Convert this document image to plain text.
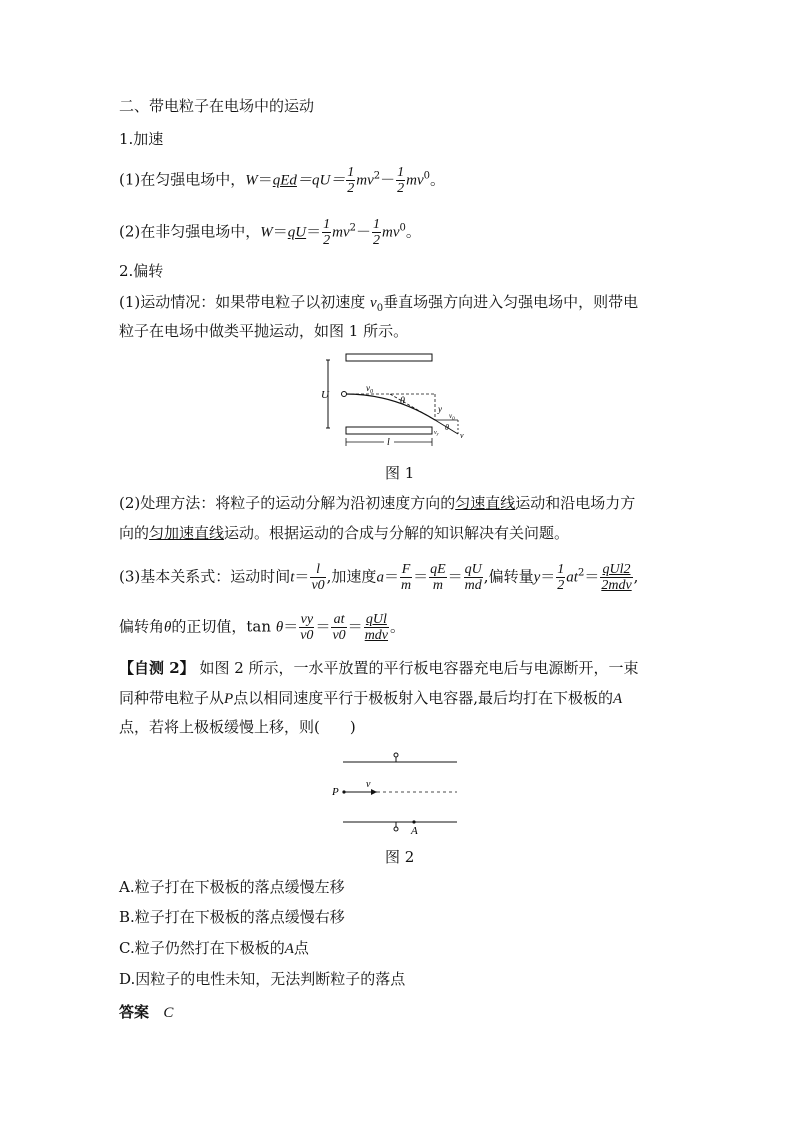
二、带电粒子在电场中的运动
1.加速
(1)在匀强电场中，$W=qEd=qU= \frac{1}{2} mv^2- \frac{1}{2} mv^0$。
(2)在非匀强电场中，$W=qU= \frac{1}{2} mv^2- \frac{1}{2} mv^0$。
2.偏转
(1)运动情况：如果带电粒子以初速度 $v_0$垂直场强方向进入匀强电场中，则带电
粒子在电场中做类平抛运动，如图 1 所示。
U
$v_0$
θ
y
$v_0$
θ
vy	v
l
图 1
(2)处理方法：将粒子的运动分解为沿初速度方向的匀速直线运动和沿电场力方
向的匀加速直线运动。根据运动的合成与分解的知识解决有关问题。
(3)基本关系式：运动时间$t= \frac{l}{v0}$ ,加速度$a= \frac{F}{m} = \frac{qE}{m} = \frac{qU}{md}$ ,偏转量$y= \frac{1}{2} at^2= \frac{\text{qUl2}}{\text{2mdv}}$ ,
偏转角θ的正切值，$\tan \theta= \frac{vy}{v0} = \frac{at}{v0} = \frac{\text{qUl}}{\text{mdv}}$ 。
【自测 2】 如图 2 所示，一水平放置的平行板电容器充电后与电源断开，一束
同种带电粒子从P点以相同速度平行于极板射入电容器,最后均打在下极板的A
点，若将上极板缓慢上移，则(　　)
P
v
A
图 2
A.粒子打在下极板的落点缓慢左移
B.粒子打在下极板的落点缓慢右移
C.粒子仍然打在下极板的A点
D.因粒子的电性未知，无法判断粒子的落点
答案 C
